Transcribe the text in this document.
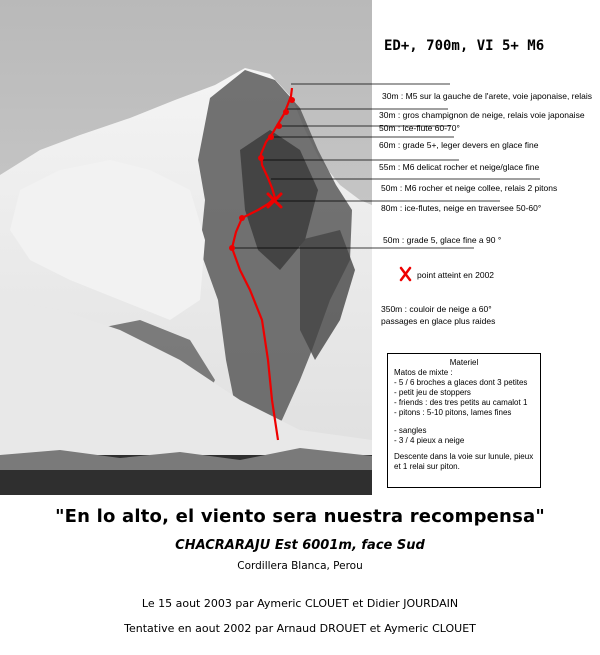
ED+, 700m, VI 5+ M6
30m : M5 sur la gauche de l'arete, voie japonaise, relais
30m : gros champignon de neige, relais voie japonaise
50m : ice-flute 60-70°
60m : grade 5+, leger devers en glace fine
55m : M6 delicat rocher et neige/glace fine
50m : M6 rocher et neige collee, relais 2 pitons
80m : ice-flutes, neige en traversee 50-60°
50m : grade 5, glace fine a 90 °
point atteint en 2002
350m : couloir de neige a 60°
passages en glace plus raides
Materiel
Matos de mixte :
- 5 / 6 broches a glaces dont 3 petites
- petit jeu de stoppers
- friends : des tres petits au camalot 1
- pitons : 5-10 pitons, lames fines
- sangles
- 3 / 4 pieux a neige
Descente dans la voie sur lunule, pieux
et 1 relai sur piton.
"En lo alto, el viento sera nuestra recompensa"
CHACRARAJU Est 6001m, face Sud
Cordillera Blanca, Perou
Le 15 aout 2003 par Aymeric CLOUET et Didier JOURDAIN
Tentative en aout 2002 par Arnaud DROUET et Aymeric CLOUET
